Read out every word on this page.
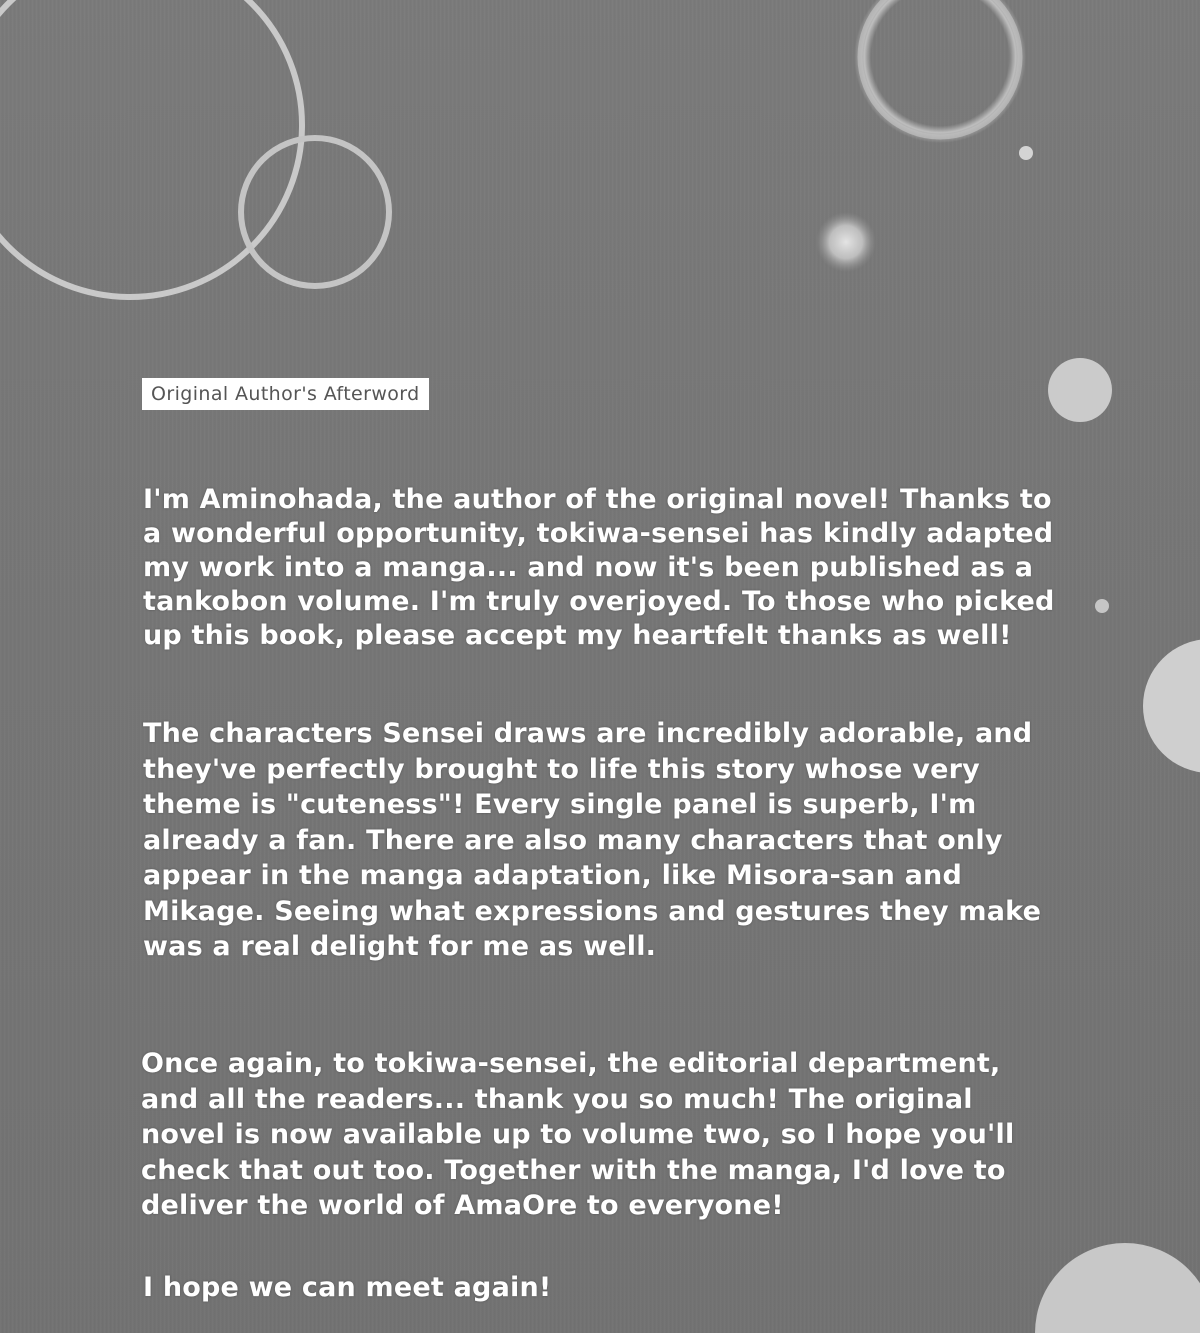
Original Author's Afterword

I'm Aminohada, the author of the original novel! Thanks to
a wonderful opportunity, tokiwa-sensei has kindly adapted
my work into a manga... and now it's been published as a
tankobon volume. I'm truly overjoyed. To those who picked
up this book, please accept my heartfelt thanks as well!

The characters Sensei draws are incredibly adorable, and
they've perfectly brought to life this story whose very
theme is "cuteness"! Every single panel is superb, I'm
already a fan. There are also many characters that only
appear in the manga adaptation, like Misora-san and
Mikage. Seeing what expressions and gestures they make
was a real delight for me as well.

Once again, to tokiwa-sensei, the editorial department,
and all the readers... thank you so much! The original
novel is now available up to volume two, so I hope you'll
check that out too. Together with the manga, I'd love to
deliver the world of AmaOre to everyone!

I hope we can meet again!
